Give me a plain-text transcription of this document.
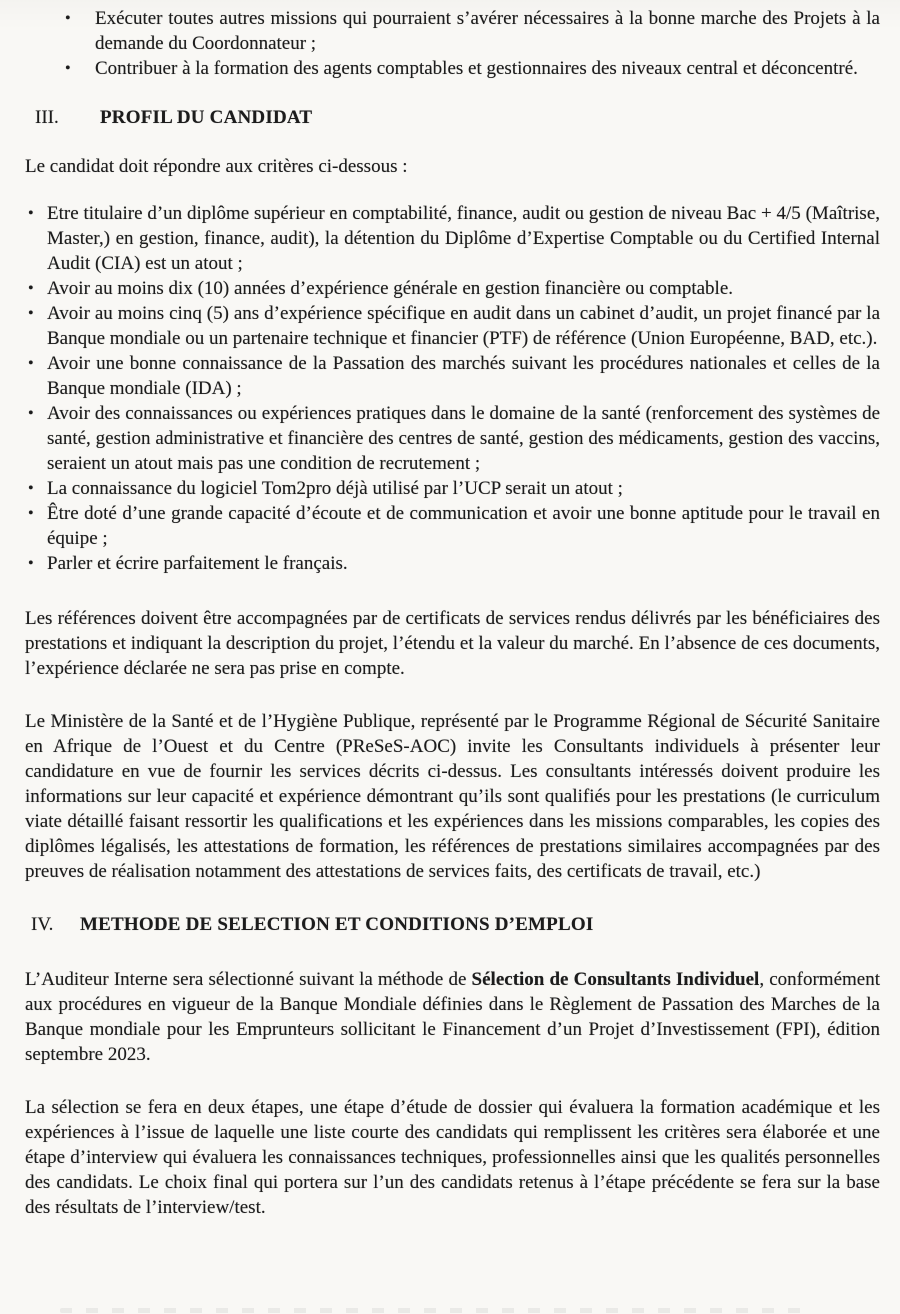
•	Exécuter toutes autres missions qui pourraient s’avérer nécessaires à la bonne marche des Projets à la demande du Coordonnateur ;
•	Contribuer à la formation des agents comptables et gestionnaires des niveaux central et déconcentré.
III.	PROFIL DU CANDIDAT

Le candidat doit répondre aux critères ci-dessous :

• Etre titulaire d’un diplôme supérieur en comptabilité, finance, audit ou gestion de niveau Bac + 4/5 (Maîtrise, Master,) en gestion, finance, audit), la détention du Diplôme d’Expertise Comptable ou du Certified Internal Audit (CIA) est un atout ;
• Avoir au moins dix (10) années d’expérience générale en gestion financière ou comptable.
• Avoir au moins cinq (5) ans d’expérience spécifique en audit dans un cabinet d’audit, un projet financé par la Banque mondiale ou un partenaire technique et financier (PTF) de référence (Union Européenne, BAD, etc.).
• Avoir une bonne connaissance de la Passation des marchés suivant les procédures nationales et celles de la Banque mondiale (IDA) ;
• Avoir des connaissances ou expériences pratiques dans le domaine de la santé (renforcement des systèmes de santé, gestion administrative et financière des centres de santé, gestion des médicaments, gestion des vaccins, seraient un atout mais pas une condition de recrutement ;
• La connaissance du logiciel Tom2pro déjà utilisé par l’UCP serait un atout ;
• Être doté d’une grande capacité d’écoute et de communication et avoir une bonne aptitude pour le travail en équipe ;
• Parler et écrire parfaitement le français.

Les références doivent être accompagnées par de certificats de services rendus délivrés par les bénéficiaires des prestations et indiquant la description du projet, l’étendu et la valeur du marché. En l’absence de ces documents, l’expérience déclarée ne sera pas prise en compte.

Le Ministère de la Santé et de l’Hygiène Publique, représenté par le Programme Régional de Sécurité Sanitaire en Afrique de l’Ouest et du Centre (PReSeS-AOC) invite les Consultants individuels à présenter leur candidature en vue de fournir les services décrits ci-dessus. Les consultants intéressés doivent produire les informations sur leur capacité et expérience démontrant qu’ils sont qualifiés pour les prestations (le curriculum viate détaillé faisant ressortir les qualifications et les expériences dans les missions comparables, les copies des diplômes légalisés, les attestations de formation, les références de prestations similaires accompagnées par des preuves de réalisation notamment des attestations de services faits, des certificats de travail, etc.)

IV.	METHODE DE SELECTION ET CONDITIONS D’EMPLOI

L’Auditeur Interne sera sélectionné suivant la méthode de Sélection de Consultants Individuel, conformément aux procédures en vigueur de la Banque Mondiale définies dans le Règlement de Passation des Marches de la Banque mondiale pour les Emprunteurs sollicitant le Financement d’un Projet d’Investissement (FPI), édition septembre 2023.

La sélection se fera en deux étapes, une étape d’étude de dossier qui évaluera la formation académique et les expériences à l’issue de laquelle une liste courte des candidats qui remplissent les critères sera élaborée et une étape d’interview qui évaluera les connaissances techniques, professionnelles ainsi que les qualités personnelles des candidats. Le choix final qui portera sur l’un des candidats retenus à l’étape précédente se fera sur la base des résultats de l’interview/test.
